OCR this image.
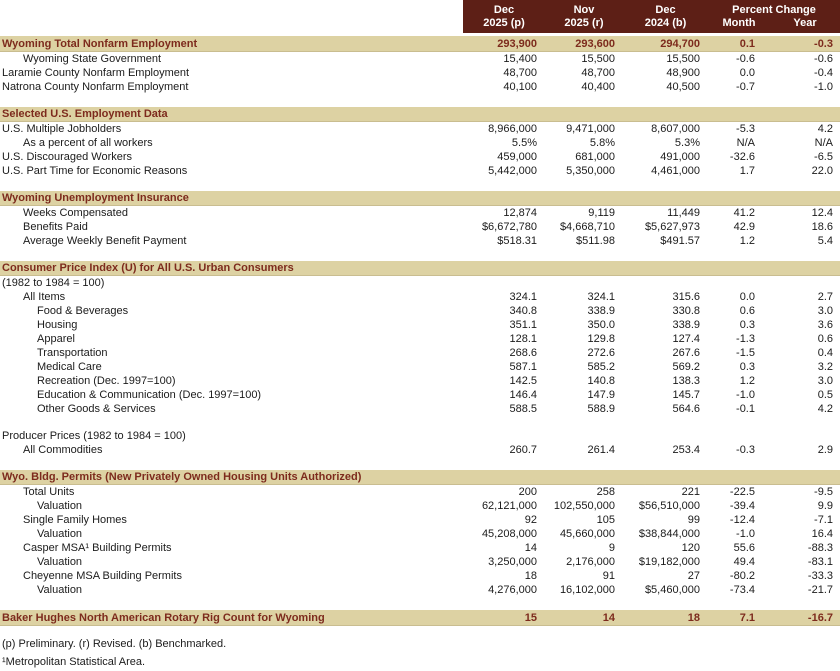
Dec
2025 (p)
Nov
2025 (r)
Dec
2024 (b)
Percent Change
Month	Year
Wyoming Total Nonfarm Employment	293,900	293,600	294,700	0.1	-0.3
Wyoming State Government	15,400	15,500	15,500	-0.6	-0.6
Laramie County Nonfarm Employment	48,700	48,700	48,900	0.0	-0.4
Natrona County Nonfarm Employment	40,100	40,400	40,500	-0.7	-1.0
Selected U.S. Employment Data
U.S. Multiple Jobholders	8,966,000	9,471,000	8,607,000	-5.3	4.2
As a percent of all workers	5.5%	5.8%	5.3%	N/A	N/A
U.S. Discouraged Workers	459,000	681,000	491,000	-32.6	-6.5
U.S. Part Time for Economic Reasons	5,442,000	5,350,000	4,461,000	1.7	22.0
Wyoming Unemployment Insurance
Weeks Compensated	12,874	9,119	11,449	41.2	12.4
Benefits Paid	$6,672,780	$4,668,710	$5,627,973	42.9	18.6
Average Weekly Benefit Payment	$518.31	$511.98	$491.57	1.2	5.4
Consumer Price Index (U) for All U.S. Urban Consumers
(1982 to 1984 = 100)
All Items	324.1	324.1	315.6	0.0	2.7
Food & Beverages	340.8	338.9	330.8	0.6	3.0
Housing	351.1	350.0	338.9	0.3	3.6
Apparel	128.1	129.8	127.4	-1.3	0.6
Transportation	268.6	272.6	267.6	-1.5	0.4
Medical Care	587.1	585.2	569.2	0.3	3.2
Recreation (Dec. 1997=100)	142.5	140.8	138.3	1.2	3.0
Education & Communication (Dec. 1997=100)	146.4	147.9	145.7	-1.0	0.5
Other Goods & Services	588.5	588.9	564.6	-0.1	4.2
Producer Prices (1982 to 1984 = 100)
All Commodities	260.7	261.4	253.4	-0.3	2.9
Wyo. Bldg. Permits (New Privately Owned Housing Units Authorized)
Total Units	200	258	221	-22.5	-9.5
Valuation	62,121,000	102,550,000	$56,510,000	-39.4	9.9
Single Family Homes	92	105	99	-12.4	-7.1
Valuation	45,208,000	45,660,000	$38,844,000	-1.0	16.4
Casper MSA¹ Building Permits	14	9	120	55.6	-88.3
Valuation	3,250,000	2,176,000	$19,182,000	49.4	-83.1
Cheyenne MSA Building Permits	18	91	27	-80.2	-33.3
Valuation	4,276,000	16,102,000	$5,460,000	-73.4	-21.7
Baker Hughes North American Rotary Rig Count for Wyoming	15	14	18	7.1	-16.7
(p) Preliminary. (r) Revised. (b) Benchmarked.
¹Metropolitan Statistical Area.
